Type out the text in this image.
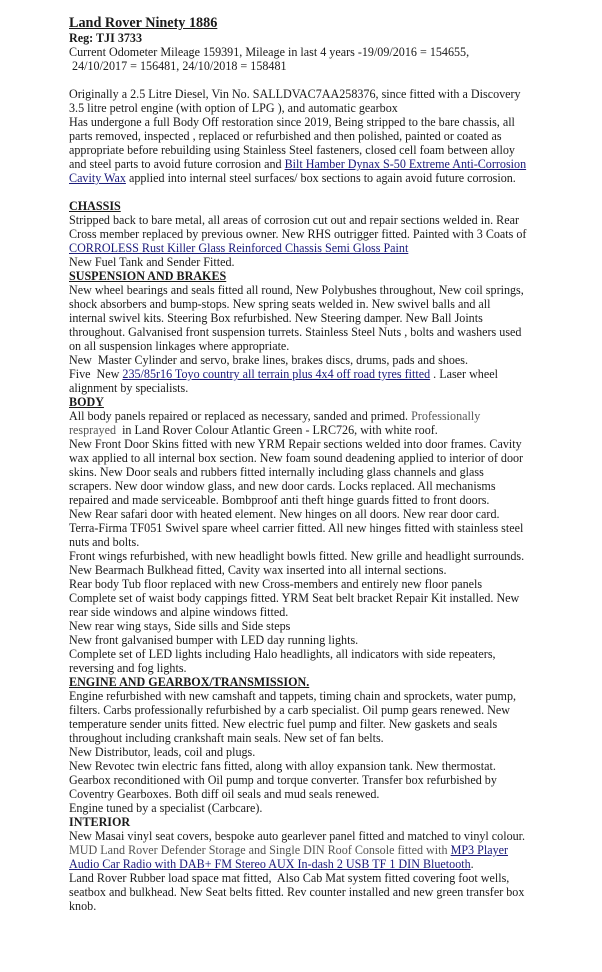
Land Rover Ninety 1886

Reg: TJI 3733

Current Odometer Mileage 159391, Mileage in last 4 years -19/09/2016 = 154655,

24/10/2017 = 156481, 24/10/2018 = 158481

Originally a 2.5 Litre Diesel, Vin No. SALLDVAC7AA258376, since fitted with a Discovery 3.5 litre petrol engine (with option of LPG ), and automatic gearbox

Has undergone a full Body Off restoration since 2019, Being stripped to the bare chassis, all parts removed, inspected , replaced or refurbished and then polished, painted or coated as appropriate before rebuilding using Stainless Steel fasteners, closed cell foam between alloy and steel parts to avoid future corrosion and Bilt Hamber Dynax S-50 Extreme Anti-Corrosion Cavity Wax applied into internal steel surfaces/ box sections to again avoid future corrosion.

CHASSIS

Stripped back to bare metal, all areas of corrosion cut out and repair sections welded in. Rear Cross member replaced by previous owner. New RHS outrigger fitted. Painted with 3 Coats of CORROLESS Rust Killer Glass Reinforced Chassis Semi Gloss Paint

New Fuel Tank and Sender Fitted.

SUSPENSION AND BRAKES

New wheel bearings and seals fitted all round, New Polybushes throughout, New coil springs, shock absorbers and bump-stops. New spring seats welded in. New swivel balls and all internal swivel kits. Steering Box refurbished. New Steering damper. New Ball Joints throughout. Galvanised front suspension turrets. Stainless Steel Nuts , bolts and washers used on all suspension linkages where appropriate.

New  Master Cylinder and servo, brake lines, brakes discs, drums, pads and shoes.

Five  New 235/85r16 Toyo country all terrain plus 4x4 off road tyres fitted . Laser wheel alignment by specialists.

BODY

All body panels repaired or replaced as necessary, sanded and primed. Professionally resprayed  in Land Rover Colour Atlantic Green - LRC726, with white roof.

New Front Door Skins fitted with new YRM Repair sections welded into door frames. Cavity wax applied to all internal box section. New foam sound deadening applied to interior of door skins. New Door seals and rubbers fitted internally including glass channels and glass scrapers. New door window glass, and new door cards. Locks replaced. All mechanisms repaired and made serviceable. Bombproof anti theft hinge guards fitted to front doors.

New Rear safari door with heated element. New hinges on all doors. New rear door card.

Terra-Firma TF051 Swivel spare wheel carrier fitted. All new hinges fitted with stainless steel nuts and bolts.

Front wings refurbished, with new headlight bowls fitted. New grille and headlight surrounds.

New Bearmach Bulkhead fitted, Cavity wax inserted into all internal sections.

Rear body Tub floor replaced with new Cross-members and entirely new floor panels

Complete set of waist body cappings fitted. YRM Seat belt bracket Repair Kit installed. New rear side windows and alpine windows fitted.

New rear wing stays, Side sills and Side steps

New front galvanised bumper with LED day running lights.

Complete set of LED lights including Halo headlights, all indicators with side repeaters, reversing and fog lights.

ENGINE AND GEARBOX/TRANSMISSION.

Engine refurbished with new camshaft and tappets, timing chain and sprockets, water pump, filters. Carbs professionally refurbished by a carb specialist. Oil pump gears renewed. New temperature sender units fitted. New electric fuel pump and filter. New gaskets and seals throughout including crankshaft main seals. New set of fan belts.

New Distributor, leads, coil and plugs.

New Revotec twin electric fans fitted, along with alloy expansion tank. New thermostat.

Gearbox reconditioned with Oil pump and torque converter. Transfer box refurbished by Coventry Gearboxes. Both diff oil seals and mud seals renewed.

Engine tuned by a specialist (Carbcare).

INTERIOR

New Masai vinyl seat covers, bespoke auto gearlever panel fitted and matched to vinyl colour.

MUD Land Rover Defender Storage and Single DIN Roof Console fitted with MP3 Player Audio Car Radio with DAB+ FM Stereo AUX In-dash 2 USB TF 1 DIN Bluetooth.

Land Rover Rubber load space mat fitted,  Also Cab Mat system fitted covering foot wells, seatbox and bulkhead. New Seat belts fitted. Rev counter installed and new green transfer box knob.
